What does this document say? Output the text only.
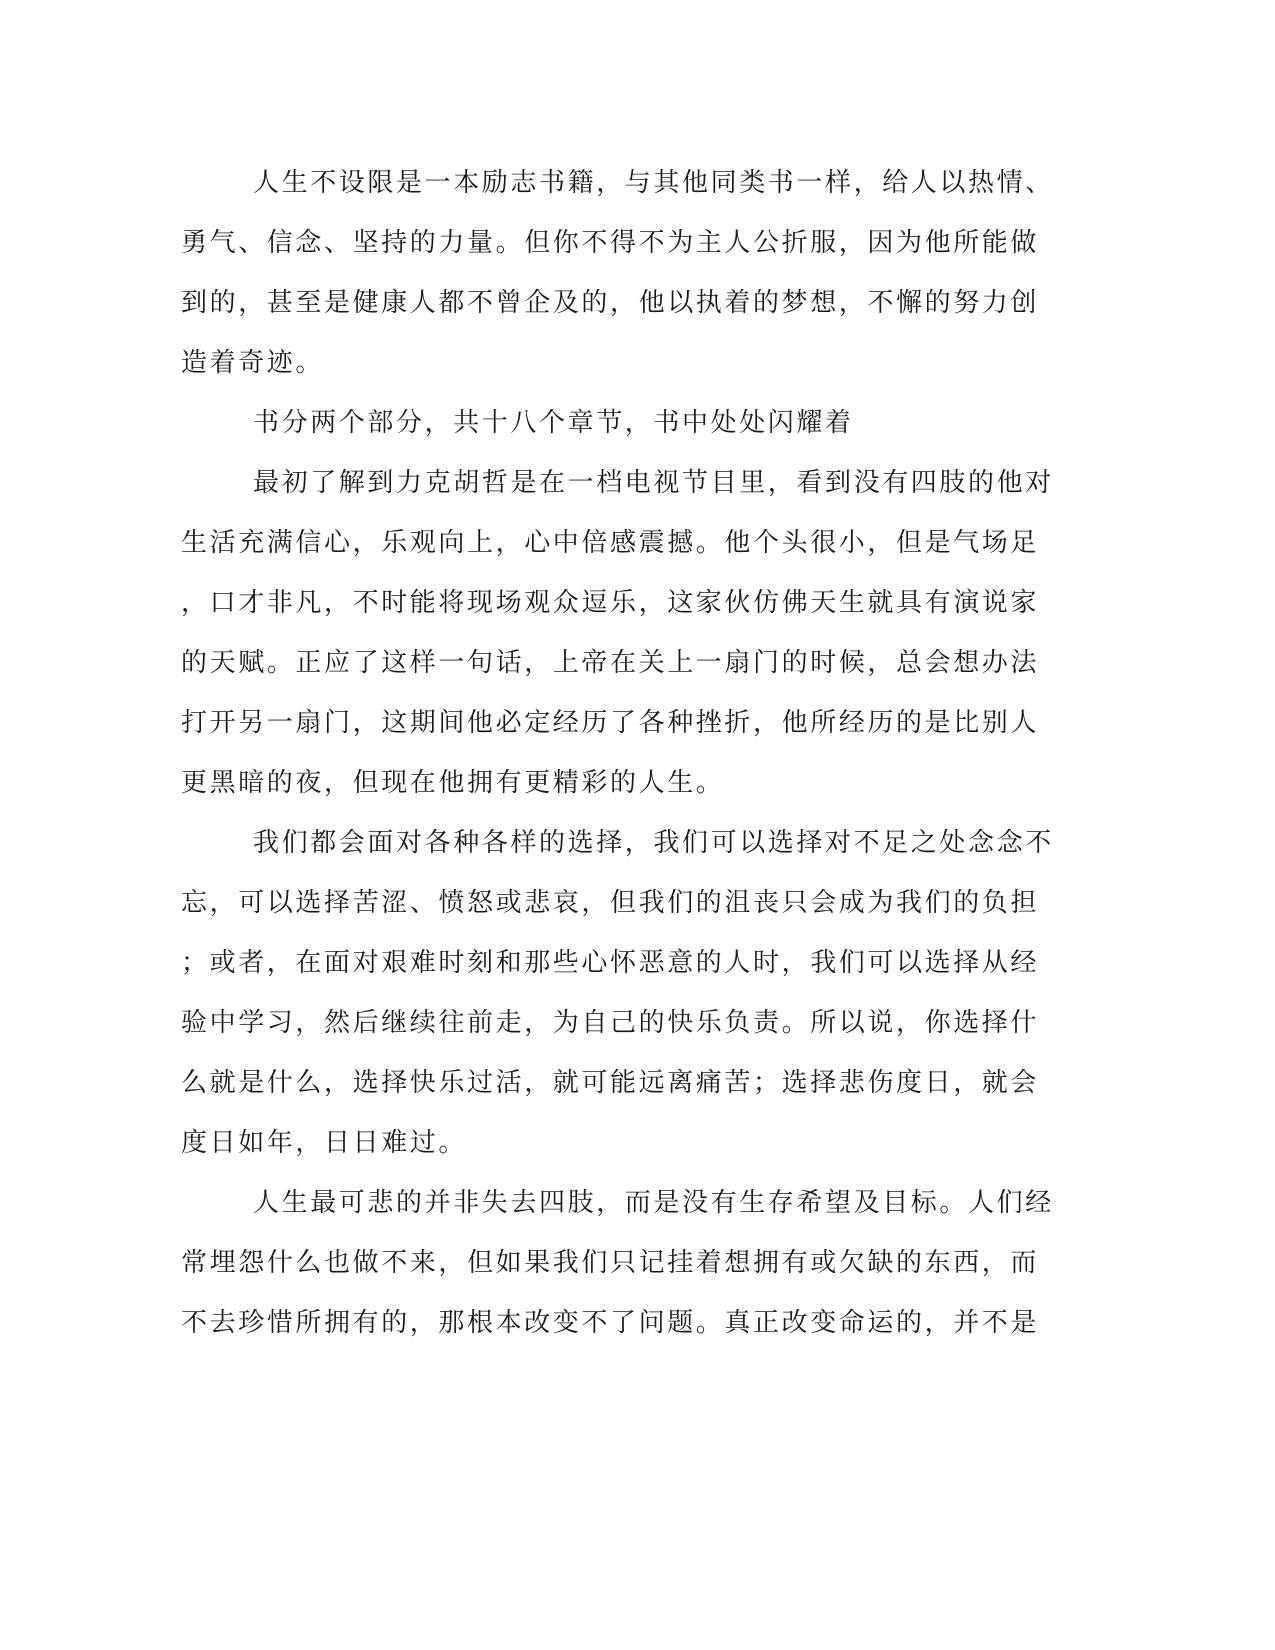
人生不设限是一本励志书籍，与其他同类书一样，给人以热情、
勇气、信念、坚持的力量。但你不得不为主人公折服，因为他所能做
到的，甚至是健康人都不曾企及的，他以执着的梦想，不懈的努力创
造着奇迹。
书分两个部分，共十八个章节，书中处处闪耀着
最初了解到力克胡哲是在一档电视节目里，看到没有四肢的他对
生活充满信心，乐观向上，心中倍感震撼。他个头很小，但是气场足
，口才非凡，不时能将现场观众逗乐，这家伙仿佛天生就具有演说家
的天赋。正应了这样一句话，上帝在关上一扇门的时候，总会想办法
打开另一扇门，这期间他必定经历了各种挫折，他所经历的是比别人
更黑暗的夜，但现在他拥有更精彩的人生。
我们都会面对各种各样的选择，我们可以选择对不足之处念念不
忘，可以选择苦涩、愤怒或悲哀，但我们的沮丧只会成为我们的负担
；或者，在面对艰难时刻和那些心怀恶意的人时，我们可以选择从经
验中学习，然后继续往前走，为自己的快乐负责。所以说，你选择什
么就是什么，选择快乐过活，就可能远离痛苦；选择悲伤度日，就会
度日如年，日日难过。
人生最可悲的并非失去四肢，而是没有生存希望及目标。人们经
常埋怨什么也做不来，但如果我们只记挂着想拥有或欠缺的东西，而
不去珍惜所拥有的，那根本改变不了问题。真正改变命运的，并不是
